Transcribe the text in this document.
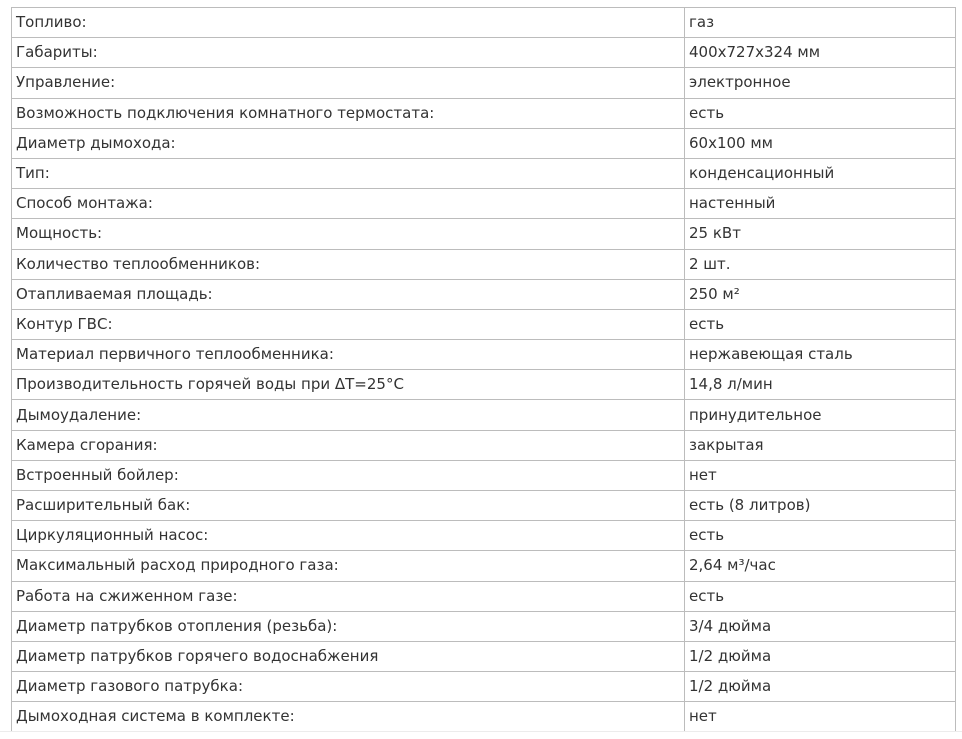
Топливо:	газ
Габариты:	400x727x324 мм
Управление:	электронное
Возможность подключения комнатного термостата:	есть
Диаметр дымохода:	60x100 мм
Тип:	конденсационный
Способ монтажа:	настенный
Мощность:	25 кВт
Количество теплообменников:	2 шт.
Отапливаемая площадь:	250 м²
Контур ГВС:	есть
Материал первичного теплообменника:	нержавеющая сталь
Производительность горячей воды при ΔT=25°C	14,8 л/мин
Дымоудаление:	принудительное
Камера сгорания:	закрытая
Встроенный бойлер:	нет
Расширительный бак:	есть (8 литров)
Циркуляционный насос:	есть
Максимальный расход природного газа:	2,64 м³/час
Работа на сжиженном газе:	есть
Диаметр патрубков отопления (резьба):	3/4 дюйма
Диаметр патрубков горячего водоснабжения	1/2 дюйма
Диаметр газового патрубка:	1/2 дюйма
Дымоходная система в комплекте:	нет
